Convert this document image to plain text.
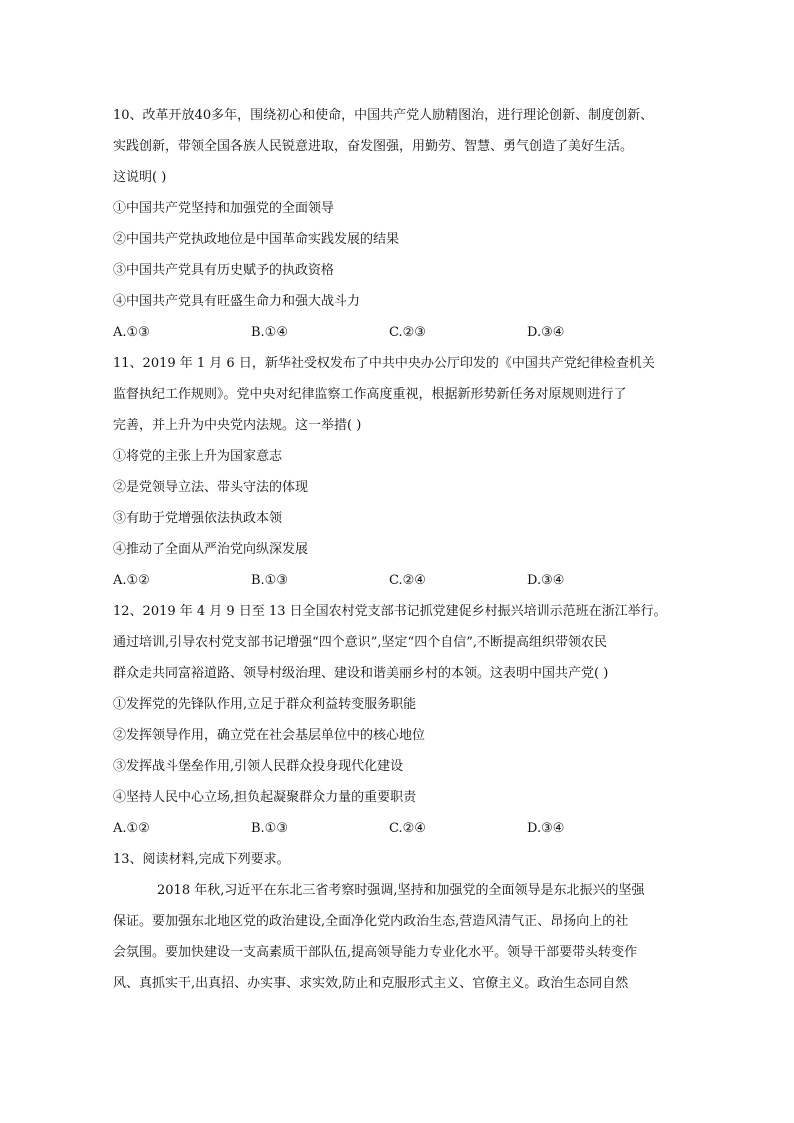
10、改革开放40多年，围绕初心和使命，中国共产党人励精图治，进行理论创新、制度创新、
实践创新，带领全国各族人民锐意进取，奋发图强，用勤劳、智慧、勇气创造了美好生活。
这说明( )
①中国共产党坚持和加强党的全面领导
②中国共产党执政地位是中国革命实践发展的结果
③中国共产党具有历史赋予的执政资格
④中国共产党具有旺盛生命力和强大战斗力
A.①③	B.①④	C.②③	D.③④
11、2019 年 1 月 6 日，新华社受权发布了中共中央办公厅印发的《中国共产党纪律检查机关
监督执纪工作规则》。党中央对纪律监察工作高度重视，根据新形势新任务对原规则进行了
完善，并上升为中央党内法规。这一举措( )
①将党的主张上升为国家意志
②是党领导立法、带头守法的体现
③有助于党增强依法执政本领
④推动了全面从严治党向纵深发展
A.①②	B.①③	C.②④	D.③④
12、2019 年 4 月 9 日至 13 日全国农村党支部书记抓党建促乡村振兴培训示范班在浙江举行。
通过培训,引导农村党支部书记增强“四个意识”,坚定“四个自信”,不断提高组织带领农民
群众走共同富裕道路、领导村级治理、建设和谐美丽乡村的本领。这表明中国共产党( )
①发挥党的先锋队作用,立足于群众利益转变服务职能
②发挥领导作用，确立党在社会基层单位中的核心地位
③发挥战斗堡垒作用,引领人民群众投身现代化建设
④坚持人民中心立场,担负起凝聚群众力量的重要职责
A.①②	B.①③	C.②④	D.③④
13、阅读材料,完成下列要求。
2018 年秋,习近平在东北三省考察时强调,坚持和加强党的全面领导是东北振兴的坚强
保证。要加强东北地区党的政治建设,全面净化党内政治生态,营造风清气正、昂扬向上的社
会氛围。要加快建设一支高素质干部队伍,提高领导能力专业化水平。领导干部要带头转变作
风、真抓实干,出真招、办实事、求实效,防止和克服形式主义、官僚主义。政治生态同自然
